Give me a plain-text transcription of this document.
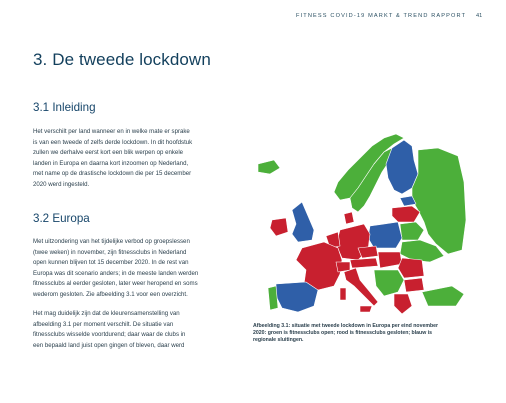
FITNESS COVID-19 MARKT & TREND RAPPORT 41
3. De tweede lockdown
3.1 Inleiding

Het verschilt per land wanneer en in welke mate er sprake
is van een tweede of zelfs derde lockdown. In dit hoofdstuk
zullen we derhalve eerst kort een blik werpen op enkele
landen in Europa en daarna kort inzoomen op Nederland,
met name op de drastische lockdown die per 15 december
2020 werd ingesteld.

3.2 Europa

Met uitzondering van het tijdelijke verbod op groepslessen
(twee weken) in november, zijn fitnessclubs in Nederland
open kunnen blijven tot 15 december 2020. In de rest van
Europa was dit scenario anders; in de meeste landen werden
fitnessclubs al eerder gesloten, later weer heropend en soms
wederom gesloten. Zie afbeelding 3.1 voor een overzicht.

Het mag duidelijk zijn dat de kleurensamenstelling van
afbeelding 3.1 per moment verschilt. De situatie van
fitnessclubs wisselde voortdurend; daar waar de clubs in
een bepaald land juist open gingen of bleven, daar werd

Afbeelding 3.1: situatie met tweede lockdown in Europa per eind november
2020: groen is fitnessclubs open; rood is fitnessclubs gesloten; blauw is
regionale sluitingen.
